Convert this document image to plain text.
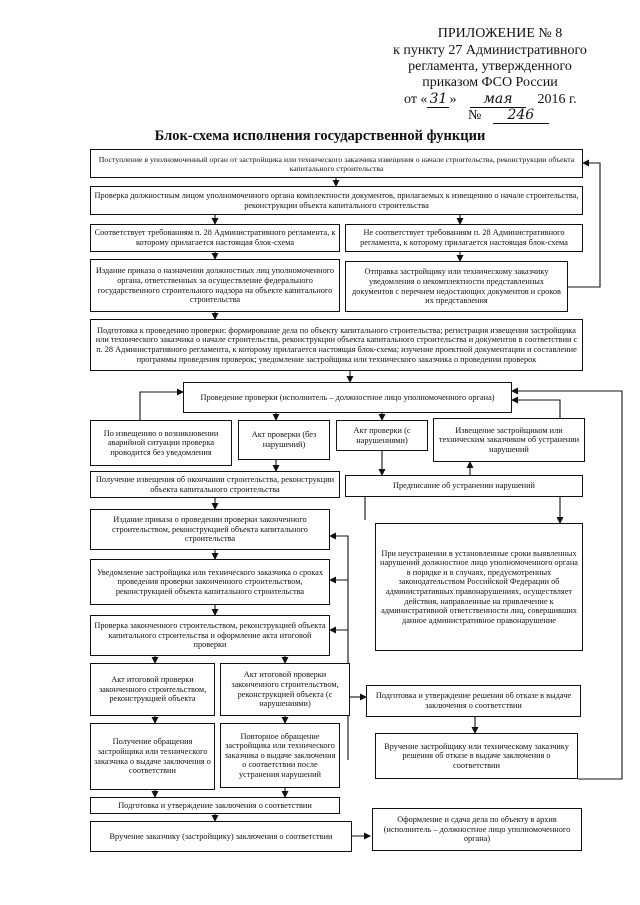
ПРИЛОЖЕНИЕ № 8
к пункту 27 Административного
регламента, утвержденного
приказом ФСО России
от « 31 » мая 2016 г.
№ 246
Блок-схема исполнения государственной функции
Поступление в уполномоченный орган от застройщика или технического заказчика извещения о начале строительства, реконструкции объекта капитального строительства
Проверка должностным лицом уполномоченного органа комплектности документов, прилагаемых к извещению о начале строительства, реконструкции объекта капитального строительства
Соответствует требованиям п. 28 Административного регламента, к которому прилагается настоящая блок-схема
Не соответствует требованиям п. 28 Административного регламента, к которому прилагается настоящая блок-схема
Издание приказа о назначении должностных лиц уполномоченного органа, ответственных за осуществление федерального государственного строительного надзора на объекте капитального строительства
Отправка застройщику или техническому заказчику уведомления о некомплектности представленных документов с перечнем недостающих документов и сроков их представления
Подготовка к проведению проверки: формирование дела по объекту капитального строительства; регистрация извещения застройщика или технического заказчика о начале строительства, реконструкции объекта капитального строительства и документов в соответствии с п. 28 Административного регламента, к которому прилагается настоящая блок-схема; изучение проектной документации и составление программы проведения проверок; уведомление застройщика или технического заказчика о проведении проверок
Проведение проверки (исполнитель – должностное лицо уполномоченного органа)
По извещению о возникновении аварийной ситуации проверка проводится без уведомления
Акт проверки (без нарушений)
Акт проверки (с нарушениями)
Извещение застройщиком или техническим заказчиком об устранении нарушений
Получение извещения об окончании строительства, реконструкции объекта капитального строительства	Предписание об устранении нарушений
Издание приказа о проведении проверки законченного строительством, реконструкцией объекта капитального строительства
Уведомление застройщика или технического заказчика о сроках проведения проверки законченного строительством, реконструкцией объекта капитального строительства
Проверка законченного строительством, реконструкцией объекта капитального строительства и оформление акта итоговой проверки
При неустранении в установленные сроки выявленных нарушений должностное лицо уполномоченного органа в порядке и в случаях, предусмотренных законодательством Российской Федерации об административных правонарушениях, осуществляет действия, направленные на привлечение к административной ответственности лиц, совершивших данное административное правонарушение
Акт итоговой проверки законченного строительством, реконструкцией объекта
Акт итоговой проверки законченного строительством, реконструкцией объекта (с нарушениями)
Подготовка и утверждение решения об отказе в выдаче заключения о соответствии
Получение обращения застройщика или технического заказчика о выдаче заключения о соответствии
Повторное обращение застройщика или технического заказчика о выдаче заключения о соответствии после устранения нарушений
Вручение застройщику или техническому заказчику решения об отказе в выдаче заключения о соответствии
Подготовка и утверждение заключения о соответствии
Вручение заказчику (застройщику) заключения о соответствии
Оформление и сдача дела по объекту в архив (исполнитель – должностное лицо уполномоченного органа)
